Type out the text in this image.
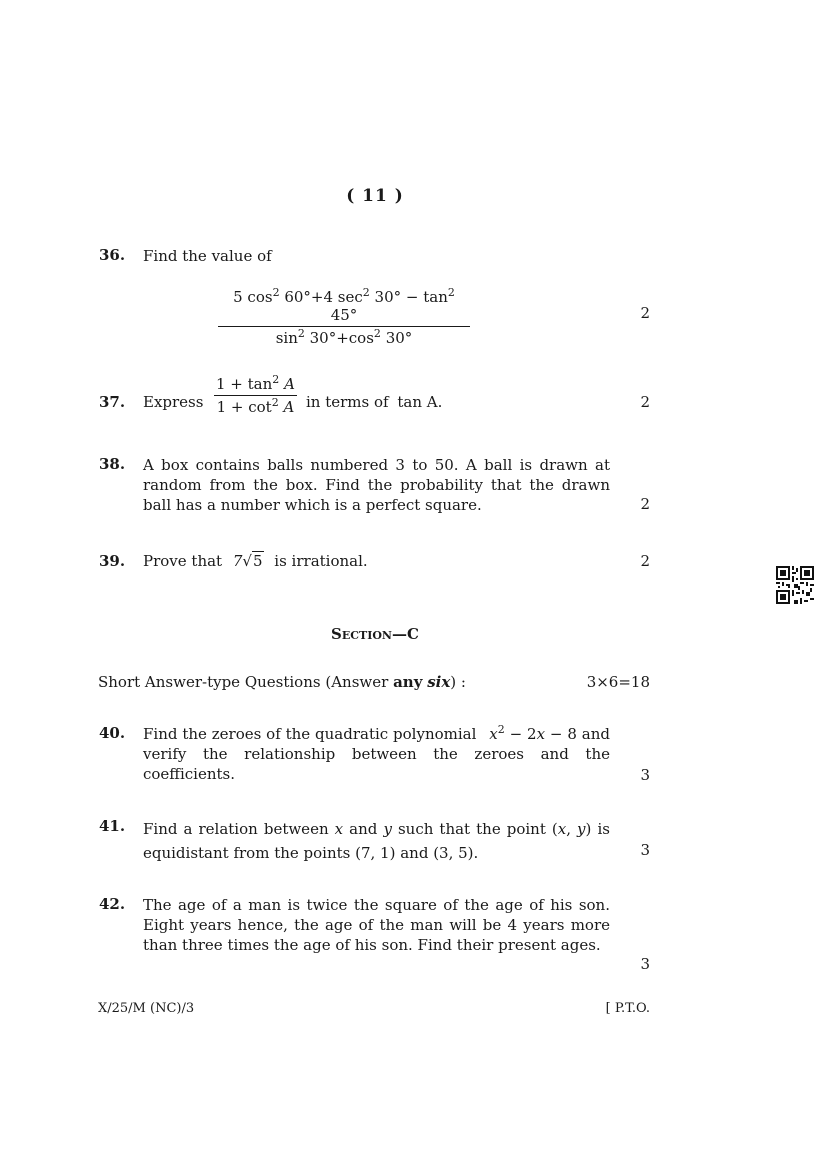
( 11 )
36. Find the value of
$\frac{5 \cos^2 60^\circ+4 \sec^2 30^\circ - \tan^2 45^\circ}{\sin^2 30^\circ+\cos^2 30^\circ}$	2
37. Express $\frac{1 + \tan^2 A}{1 + \cot^2 A}$ in terms of tan A.	2
38. A box contains balls numbered 3 to 50. A ball is drawn at random from the box. Find the probability that the drawn ball has a number which is a perfect square.	2
39. Prove that 7√5 is irrational.	2
Section—C
Short Answer-type Questions (Answer any six) :	3×6=18
40. Find the zeroes of the quadratic polynomial $x^2 - 2x - 8$ and verify the relationship between the zeroes and the coefficients.	3
41. Find a relation between x and y such that the point (x, y) is equidistant from the points (7, 1) and (3, 5).	3
42. The age of a man is twice the square of the age of his son. Eight years hence, the age of the man will be 4 years more than three times the age of his son. Find their present ages.
3
X/25/M (NC)/3	[ P.T.O.
